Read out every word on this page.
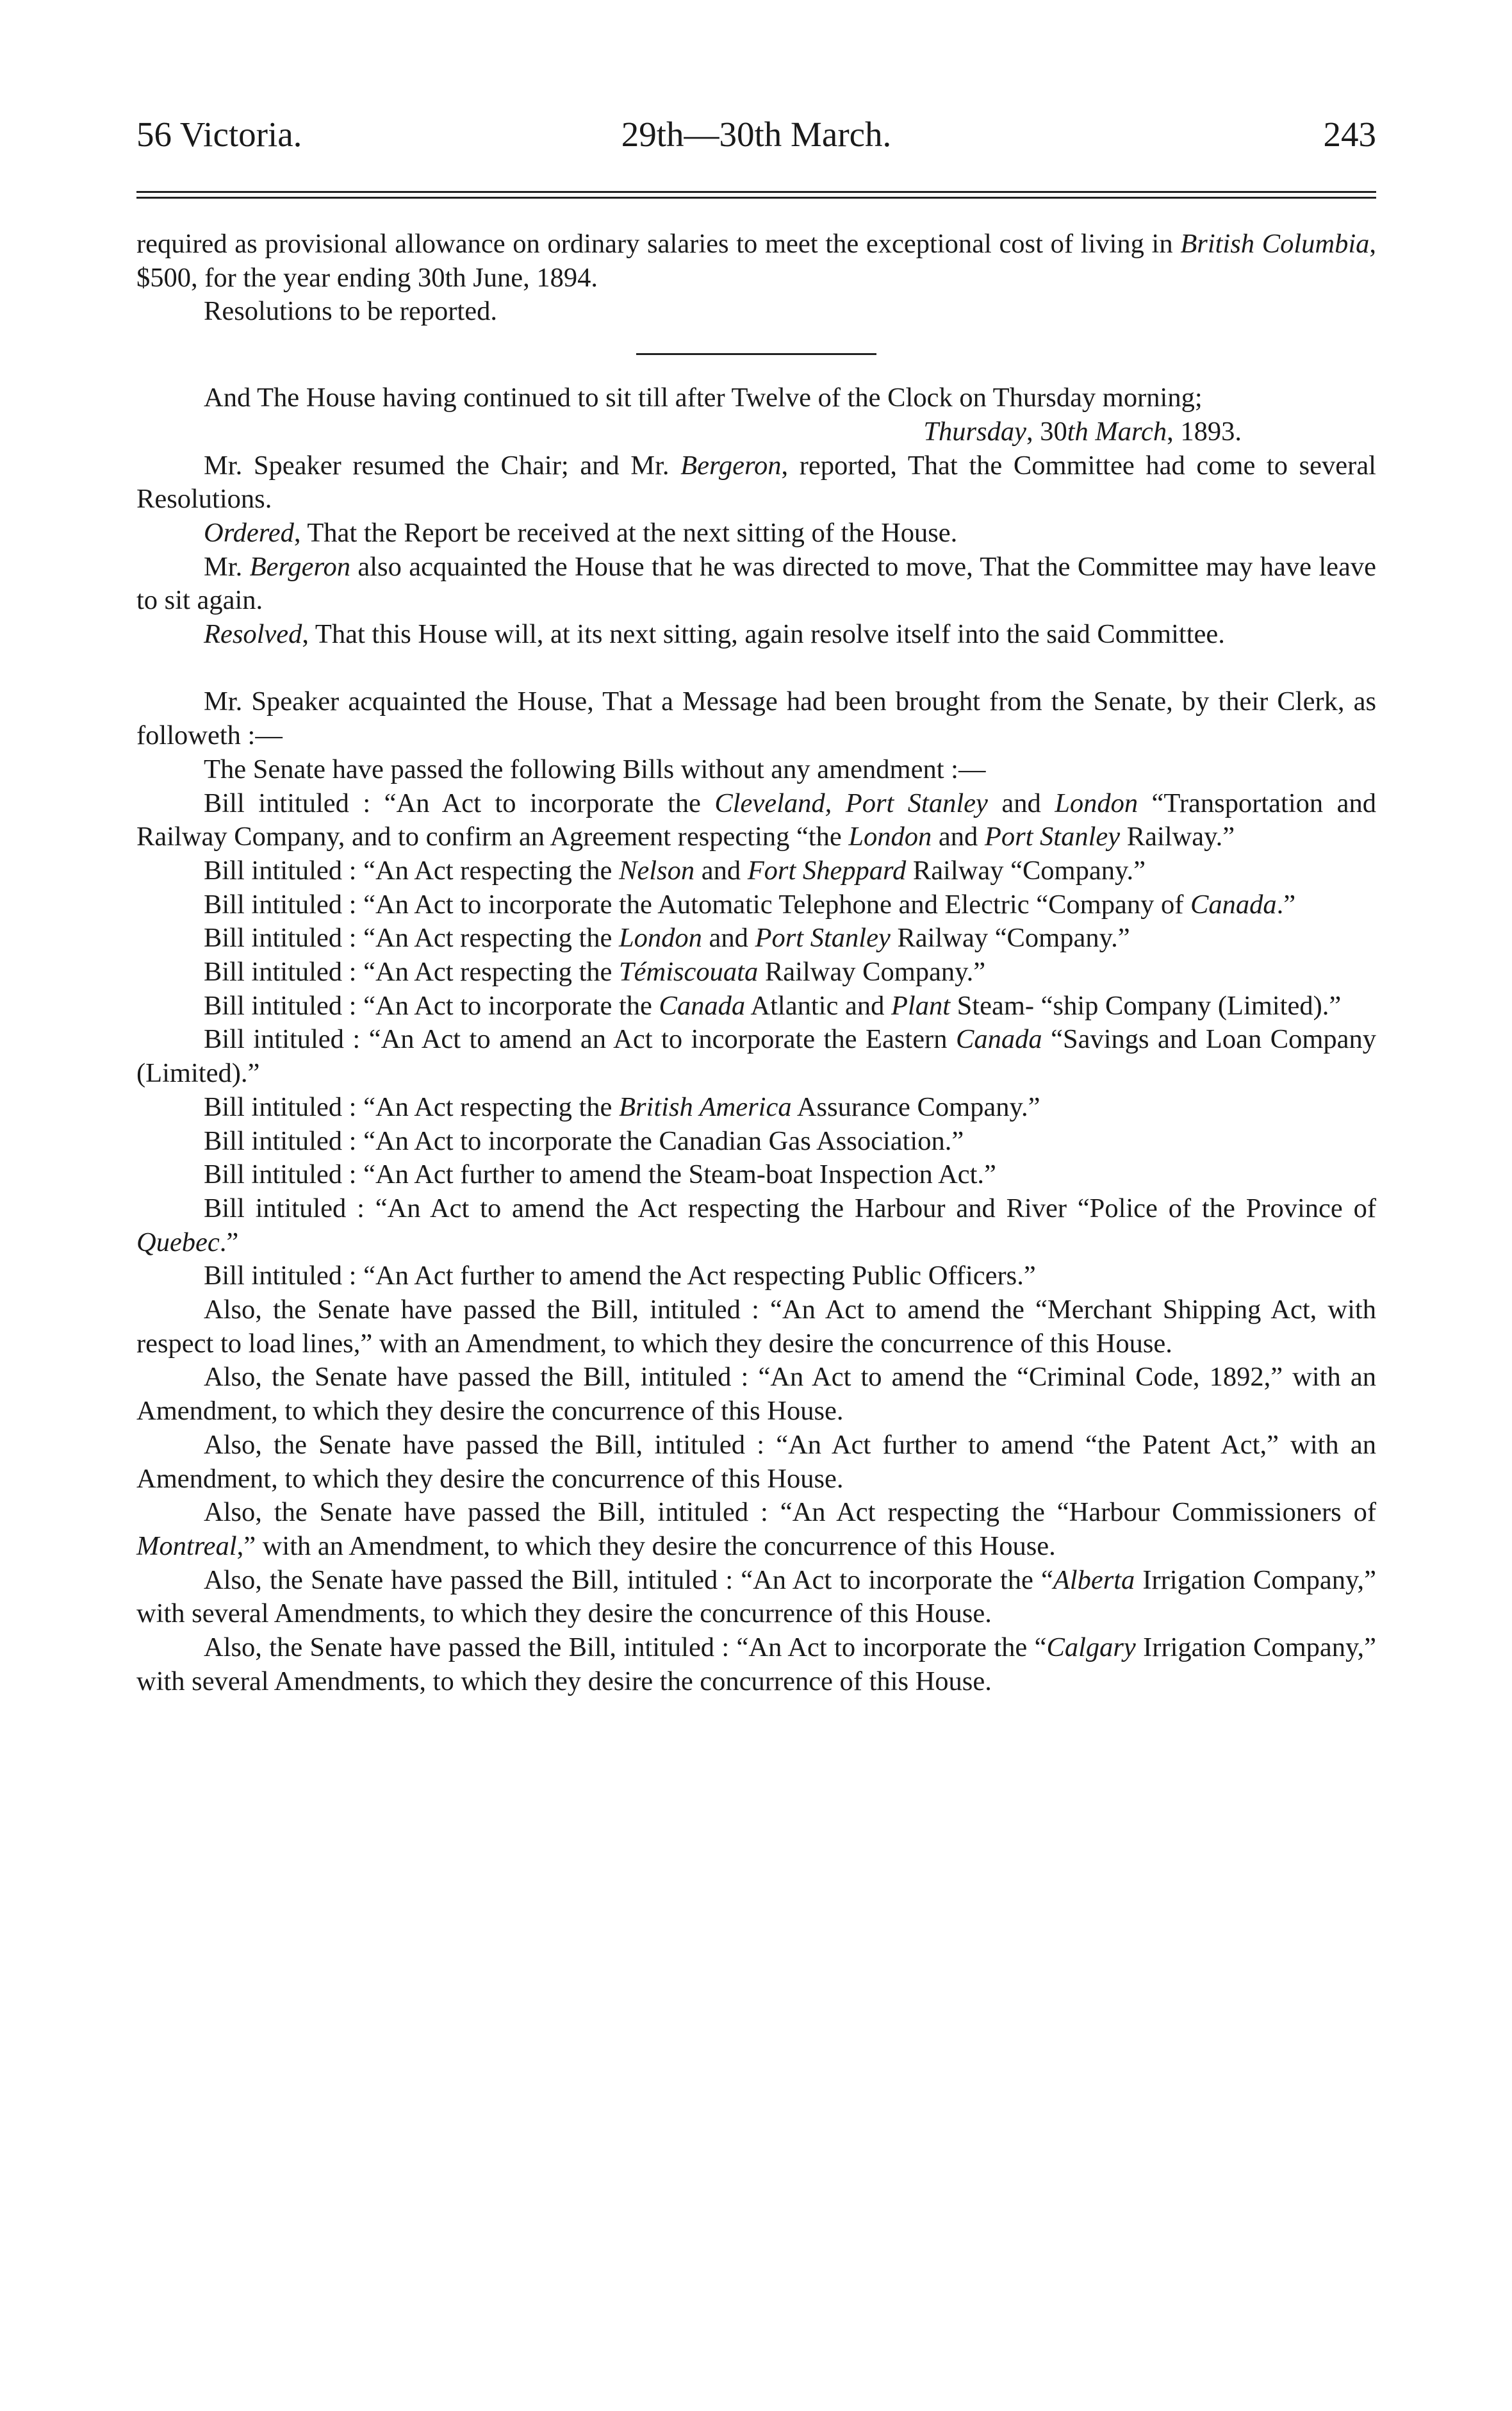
56 Victoria.	29th—30th March.	243

required as provisional allowance on ordinary salaries to meet the exceptional cost of living in British Columbia, $500, for the year ending 30th June, 1894.

Resolutions to be reported.

And The House having continued to sit till after Twelve of the Clock on Thursday morning;

Thursday, 30th March, 1893.

Mr. Speaker resumed the Chair; and Mr. Bergeron, reported, That the Committee had come to several Resolutions.

Ordered, That the Report be received at the next sitting of the House.

Mr. Bergeron also acquainted the House that he was directed to move, That the Committee may have leave to sit again.

Resolved, That this House will, at its next sitting, again resolve itself into the said Committee.

Mr. Speaker acquainted the House, That a Message had been brought from the Senate, by their Clerk, as followeth :—

The Senate have passed the following Bills without any amendment :—

Bill intituled : “An Act to incorporate the Cleveland, Port Stanley and London “Transportation and Railway Company, and to confirm an Agreement respecting “the London and Port Stanley Railway.”

Bill intituled : “An Act respecting the Nelson and Fort Sheppard Railway “Company.”

Bill intituled : “An Act to incorporate the Automatic Telephone and Electric “Company of Canada.”

Bill intituled : “An Act respecting the London and Port Stanley Railway “Company.”

Bill intituled : “An Act respecting the Témiscouata Railway Company.”

Bill intituled : “An Act to incorporate the Canada Atlantic and Plant Steam- “ship Company (Limited).”

Bill intituled : “An Act to amend an Act to incorporate the Eastern Canada “Savings and Loan Company (Limited).”

Bill intituled : “An Act respecting the British America Assurance Company.”

Bill intituled : “An Act to incorporate the Canadian Gas Association.”

Bill intituled : “An Act further to amend the Steam-boat Inspection Act.”

Bill intituled : “An Act to amend the Act respecting the Harbour and River “Police of the Province of Quebec.”

Bill intituled : “An Act further to amend the Act respecting Public Officers.”

Also, the Senate have passed the Bill, intituled : “An Act to amend the “Merchant Shipping Act, with respect to load lines,” with an Amendment, to which they desire the concurrence of this House.

Also, the Senate have passed the Bill, intituled : “An Act to amend the “Criminal Code, 1892,” with an Amendment, to which they desire the concurrence of this House.

Also, the Senate have passed the Bill, intituled : “An Act further to amend “the Patent Act,” with an Amendment, to which they desire the concurrence of this House.

Also, the Senate have passed the Bill, intituled : “An Act respecting the “Harbour Commissioners of Montreal,” with an Amendment, to which they desire the concurrence of this House.

Also, the Senate have passed the Bill, intituled : “An Act to incorporate the “Alberta Irrigation Company,” with several Amendments, to which they desire the concurrence of this House.

Also, the Senate have passed the Bill, intituled : “An Act to incorporate the “Calgary Irrigation Company,” with several Amendments, to which they desire the concurrence of this House.
